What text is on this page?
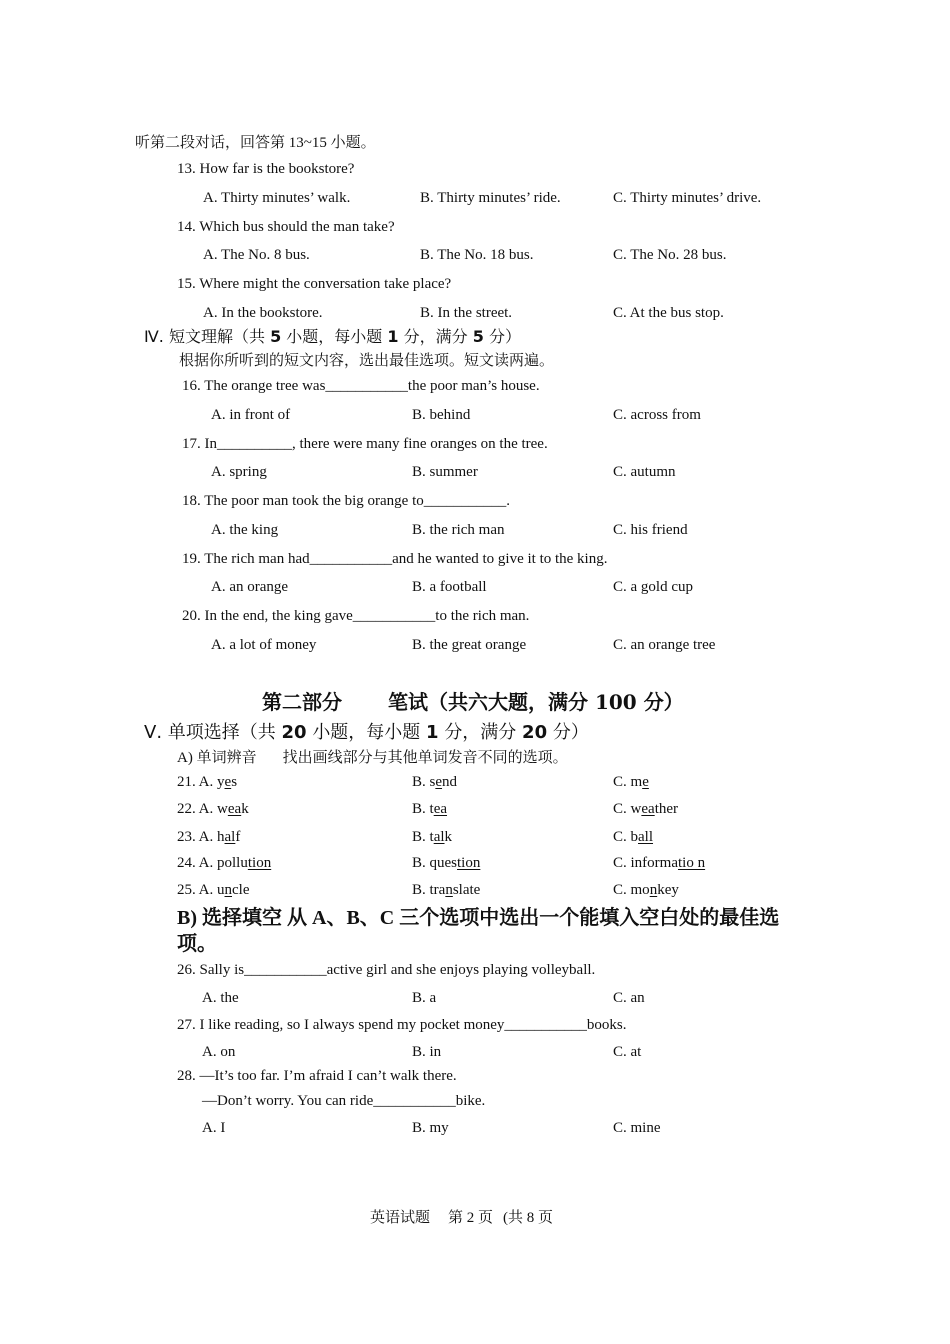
听第二段对话，回答第 13~15 小题。
13. How far is the bookstore?
A. Thirty minutes’ walk.	B. Thirty minutes’ ride.	C. Thirty minutes’ drive.
14. Which bus should the man take?
A. The No. 8 bus.	B. The No. 18 bus.	C. The No. 28 bus.
15. Where might the conversation take place?
A. In the bookstore.	B. In the street.	C. At the bus stop.
Ⅳ. 短文理解（共 5 小题，每小题 1 分，满分 5 分）
根据你所听到的短文内容，选出最佳选项。短文读两遍。
16. The orange tree was___________the poor man’s house.
A. in front of	B. behind	C. across from
17. In__________, there were many fine oranges on the tree.
A. spring	B. summer	C. autumn
18. The poor man took the big orange to___________.
A. the king	B. the rich man	C. his friend
19. The rich man had___________and he wanted to give it to the king.
A. an orange	B. a football	C. a gold cup
20. In the end, the king gave___________to the rich man.
A. a lot of money	B. the great orange	C. an orange tree
第二部分 笔试（共六大题，满分 100 分）
Ⅴ. 单项选择（共 20 小题，每小题 1 分，满分 20 分）
A) 单词辨音 找出画线部分与其他单词发音不同的选项。
21. A. yes	B. send	C. me
22. A. weak	B. tea	C. weather
23. A. half	B. talk	C. ball
24. A. pollution	B. question	C. informatio n
25. A. uncle	B. translate	C. monkey
B) 选择填空 从 A、B、C 三个选项中选出一个能填入空白处的最佳选项。
26. Sally is___________active girl and she enjoys playing volleyball.
A. the	B. a	C. an
27. I like reading, so I always spend my pocket money___________books.
A. on	B. in	C. at
28. —It’s too far. I’m afraid I can’t walk there.
—Don’t worry. You can ride___________bike.
A. I	B. my	C. mine
英语试题 第 2 页 (共 8 页
